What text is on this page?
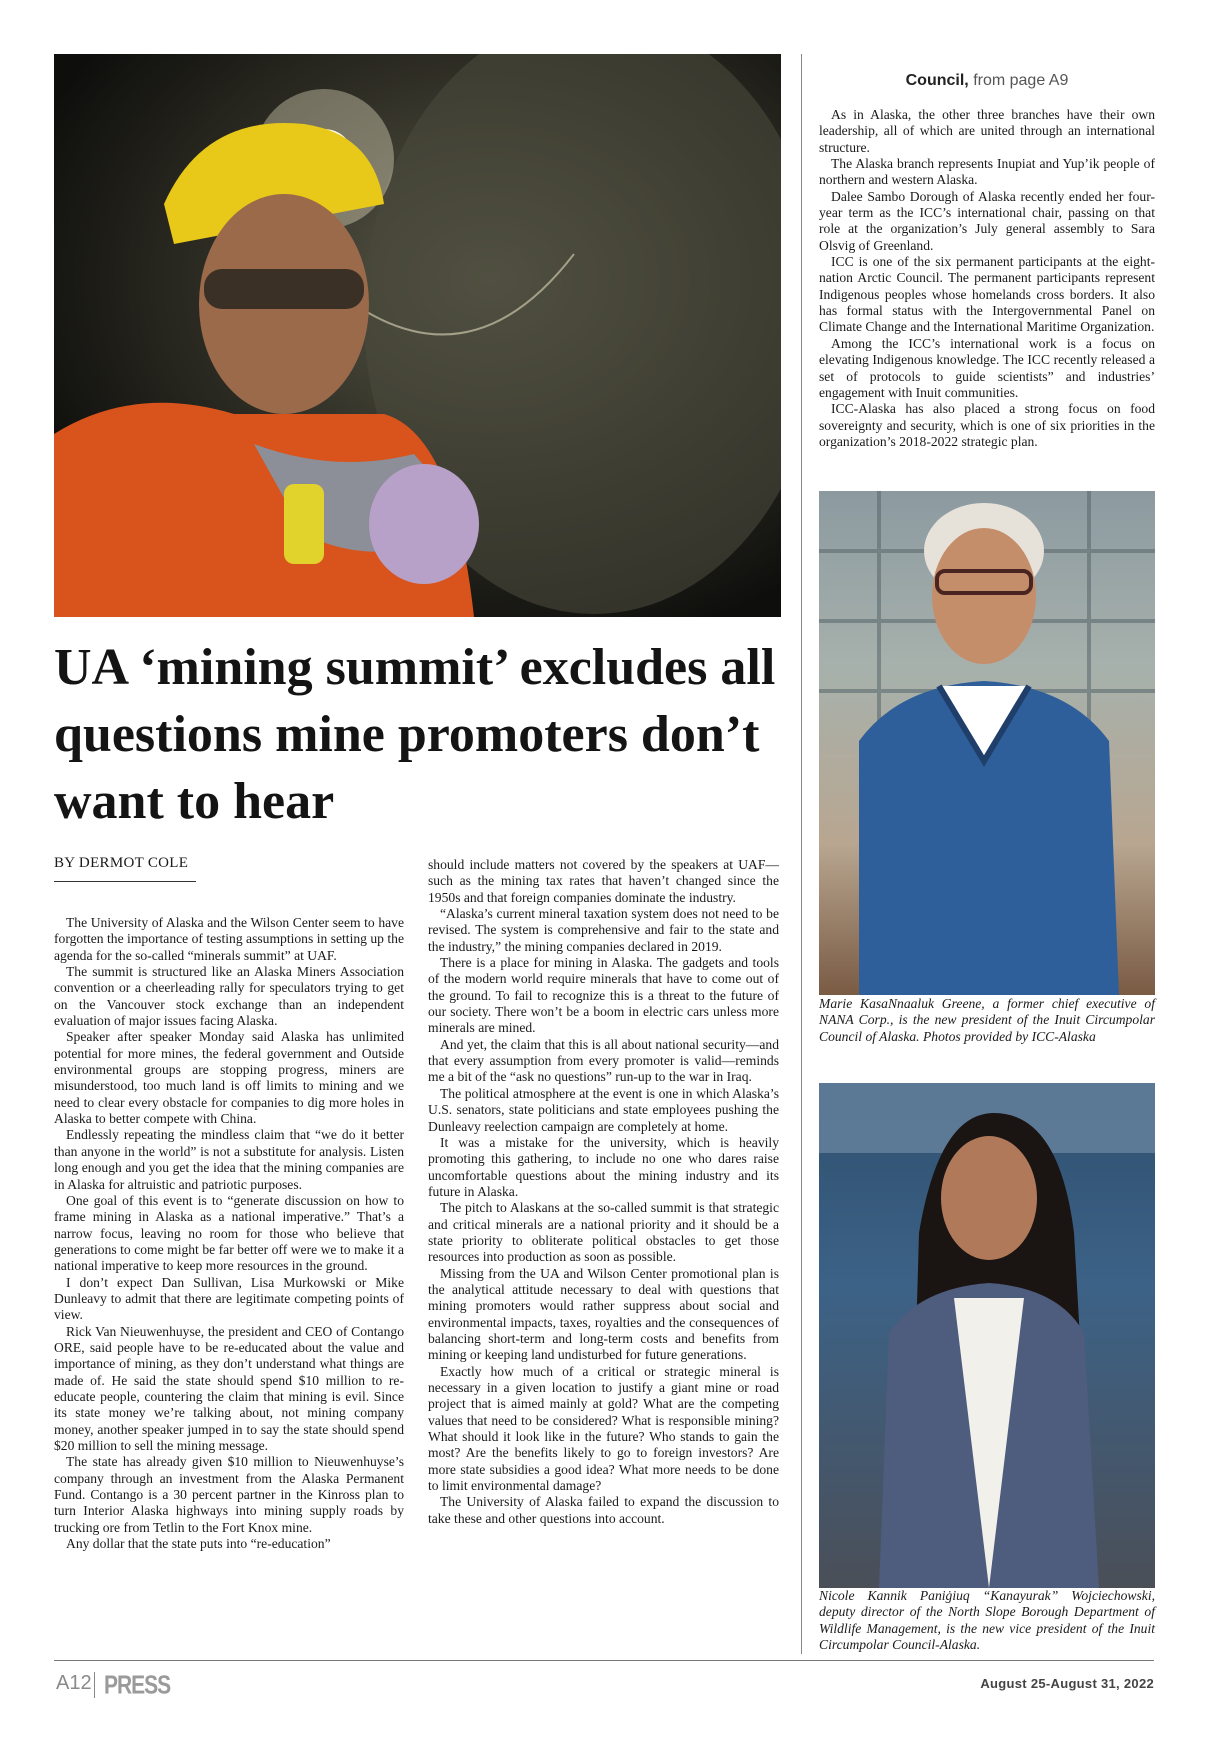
UA ‘mining summit’ excludes all questions mine promoters don’t want to hear
BY DERMOT COLE

The University of Alaska and the Wilson Center seem to have forgotten the importance of testing assumptions in setting up the agenda for the so-called “minerals summit” at UAF.

The summit is structured like an Alaska Miners Association convention or a cheerleading rally for speculators trying to get on the Vancouver stock exchange than an independent evaluation of major issues facing Alaska.

Speaker after speaker Monday said Alaska has unlimited potential for more mines, the federal government and Outside environmental groups are stopping progress, miners are misunderstood, too much land is off limits to mining and we need to clear every obstacle for companies to dig more holes in Alaska to better compete with China.

Endlessly repeating the mindless claim that “we do it better than anyone in the world” is not a substitute for analysis. Listen long enough and you get the idea that the mining companies are in Alaska for altruistic and patriotic purposes.

One goal of this event is to “generate discussion on how to frame mining in Alaska as a national imperative.” That’s a narrow focus, leaving no room for those who believe that generations to come might be far better off were we to make it a national imperative to keep more resources in the ground.

I don’t expect Dan Sullivan, Lisa Murkowski or Mike Dunleavy to admit that there are legitimate competing points of view.

Rick Van Nieuwenhuyse, the president and CEO of Contango ORE, said people have to be re-educated about the value and importance of mining, as they don’t understand what things are made of. He said the state should spend $10 million to re-educate people, countering the claim that mining is evil. Since its state money we’re talking about, not mining company money, another speaker jumped in to say the state should spend $20 million to sell the mining message.

The state has already given $10 million to Nieuwenhuyse’s company through an investment from the Alaska Permanent Fund. Contango is a 30 percent partner in the Kinross plan to turn Interior Alaska highways into mining supply roads by trucking ore from Tetlin to the Fort Knox mine.

Any dollar that the state puts into “re-education”

should include matters not covered by the speakers at UAF—such as the mining tax rates that haven’t changed since the 1950s and that foreign companies dominate the industry.

“Alaska’s current mineral taxation system does not need to be revised. The system is comprehensive and fair to the state and the industry,” the mining companies declared in 2019.

There is a place for mining in Alaska. The gadgets and tools of the modern world require minerals that have to come out of the ground. To fail to recognize this is a threat to the future of our society. There won’t be a boom in electric cars unless more minerals are mined.

And yet, the claim that this is all about national security—and that every assumption from every promoter is valid—reminds me a bit of the “ask no questions” run-up to the war in Iraq.

The political atmosphere at the event is one in which Alaska’s U.S. senators, state politicians and state employees pushing the Dunleavy reelection campaign are completely at home.

It was a mistake for the university, which is heavily promoting this gathering, to include no one who dares raise uncomfortable questions about the mining industry and its future in Alaska.

The pitch to Alaskans at the so-called summit is that strategic and critical minerals are a national priority and it should be a state priority to obliterate political obstacles to get those resources into production as soon as possible.

Missing from the UA and Wilson Center promotional plan is the analytical attitude necessary to deal with questions that mining promoters would rather suppress about social and environmental impacts, taxes, royalties and the consequences of balancing short-term and long-term costs and benefits from mining or keeping land undisturbed for future generations.

Exactly how much of a critical or strategic mineral is necessary in a given location to justify a giant mine or road project that is aimed mainly at gold? What are the competing values that need to be considered? What is responsible mining? What should it look like in the future? Who stands to gain the most? Are the benefits likely to go to foreign investors? Are more state subsidies a good idea? What more needs to be done to limit environmental damage?

The University of Alaska failed to expand the discussion to take these and other questions into account.

Council, from page A9

As in Alaska, the other three branches have their own leadership, all of which are united through an international structure.

The Alaska branch represents Inupiat and Yup’ik people of northern and western Alaska.

Dalee Sambo Dorough of Alaska recently ended her four-year term as the ICC’s international chair, passing on that role at the organization’s July general assembly to Sara Olsvig of Greenland.

ICC is one of the six permanent participants at the eight-nation Arctic Council. The permanent participants represent Indigenous peoples whose homelands cross borders. It also has formal status with the Intergovernmental Panel on Climate Change and the International Maritime Organization.

Among the ICC’s international work is a focus on elevating Indigenous knowledge. The ICC recently released a set of protocols to guide scientists” and industries’ engagement with Inuit communities.

ICC-Alaska has also placed a strong focus on food sovereignty and security, which is one of six priorities in the organization’s 2018-2022 strategic plan.

Marie KasaNnaaluk Greene, a former chief executive of NANA Corp., is the new president of the Inuit Circumpolar Council of Alaska. Photos provided by ICC-Alaska
Nicole Kannik Paniġiuq “Kanayurak” Wojciechowski, deputy director of the North Slope Borough Department of Wildlife Management, is the new vice president of the Inuit Circumpolar Council-Alaska.
A12 PRESS	August 25-August 31, 2022
